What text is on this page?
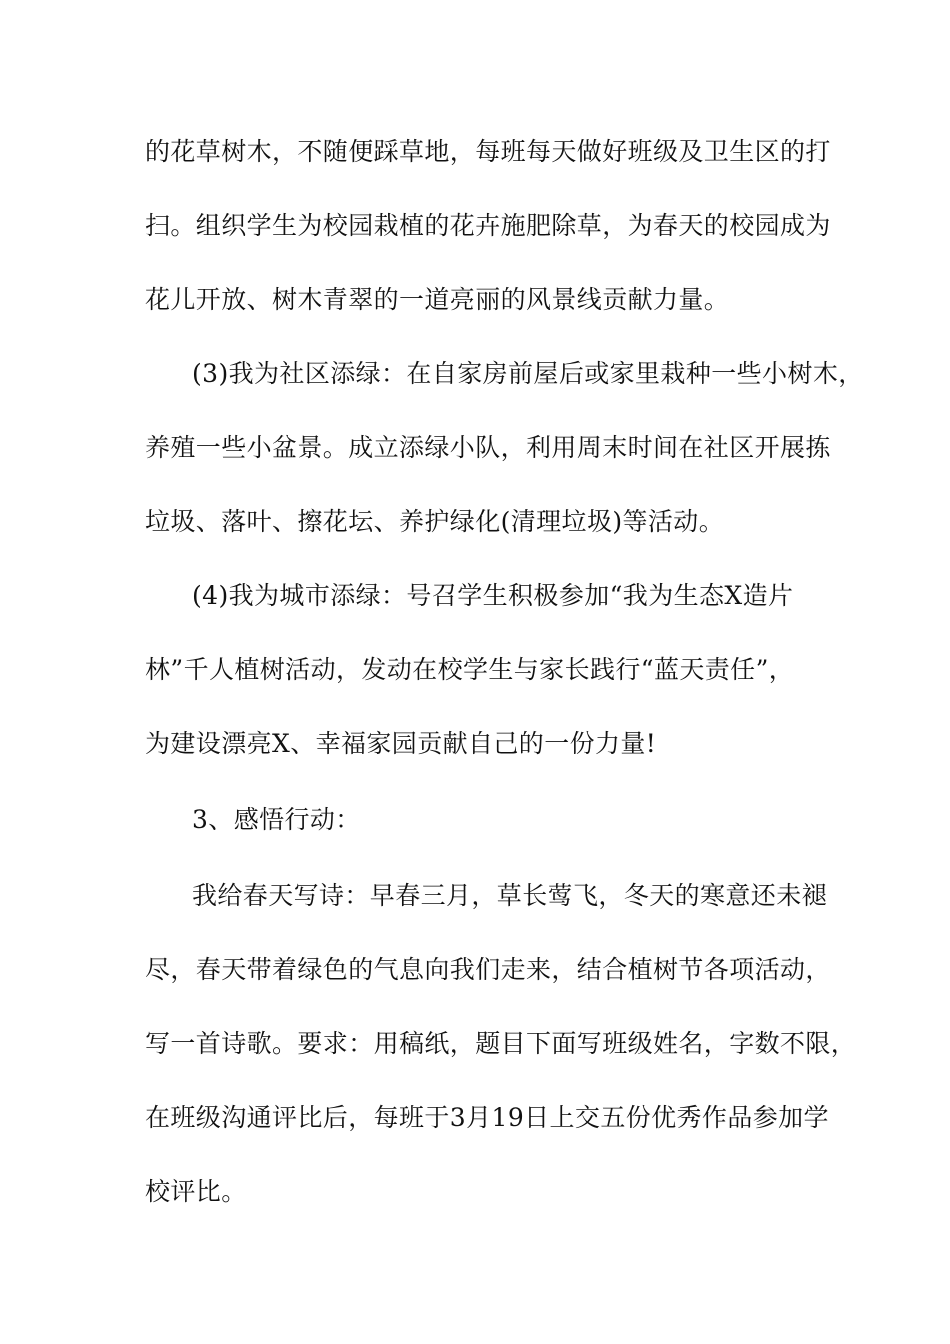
的花草树木，不随便踩草地，每班每天做好班级及卫生区的打
扫。组织学生为校园栽植的花卉施肥除草，为春天的校园成为
花儿开放、树木青翠的一道亮丽的风景线贡献力量。
(3)我为社区添绿：在自家房前屋后或家里栽种一些小树木，
养殖一些小盆景。成立添绿小队，利用周末时间在社区开展拣
垃圾、落叶、擦花坛、养护绿化(清理垃圾)等活动。
(4)我为城市添绿：号召学生积极参加“我为生态X造片
林”千人植树活动，发动在校学生与家长践行“蓝天责任”，
为建设漂亮X、幸福家园贡献自己的一份力量!
3、感悟行动：
我给春天写诗：早春三月，草长莺飞，冬天的寒意还未褪
尽，春天带着绿色的气息向我们走来，结合植树节各项活动，
写一首诗歌。要求：用稿纸，题目下面写班级姓名，字数不限，
在班级沟通评比后，每班于3月19日上交五份优秀作品参加学
校评比。
